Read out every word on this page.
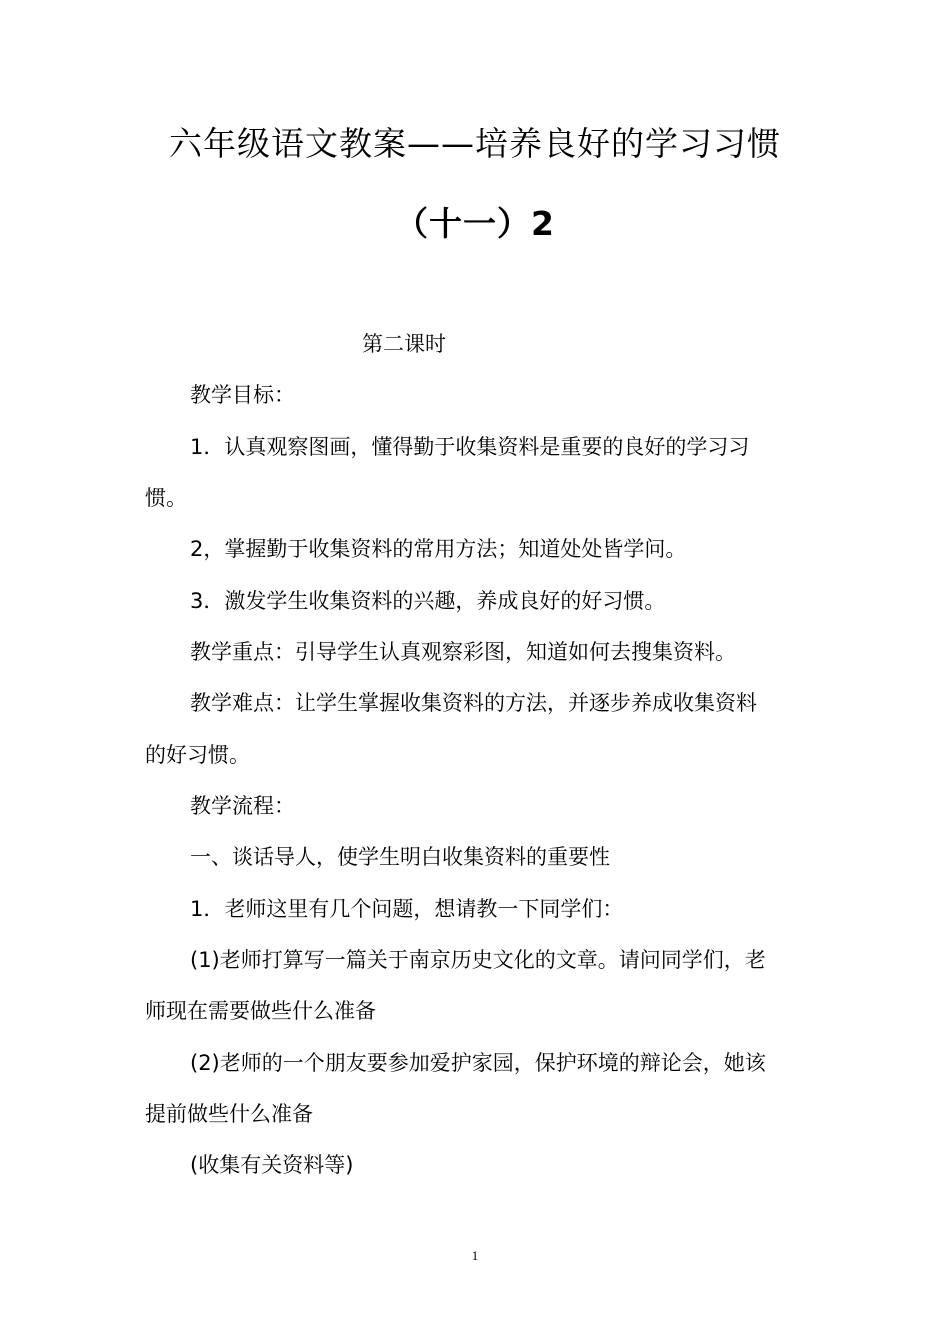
六年级语文教案——培养良好的学习习惯
（十一）2
第二课时
教学目标：
1．认真观察图画，懂得勤于收集资料是重要的良好的学习习
惯。
2，掌握勤于收集资料的常用方法；知道处处皆学问。
3．激发学生收集资料的兴趣，养成良好的好习惯。
教学重点：引导学生认真观察彩图，知道如何去搜集资料。
教学难点：让学生掌握收集资料的方法，并逐步养成收集资料
的好习惯。
教学流程：
一、谈话导人，使学生明白收集资料的重要性
1．老师这里有几个问题，想请教一下同学们：
(1)老师打算写一篇关于南京历史文化的文章。请问同学们，老
师现在需要做些什么准备
(2)老师的一个朋友要参加爱护家园，保护环境的辩论会，她该
提前做些什么准备
(收集有关资料等)
1
